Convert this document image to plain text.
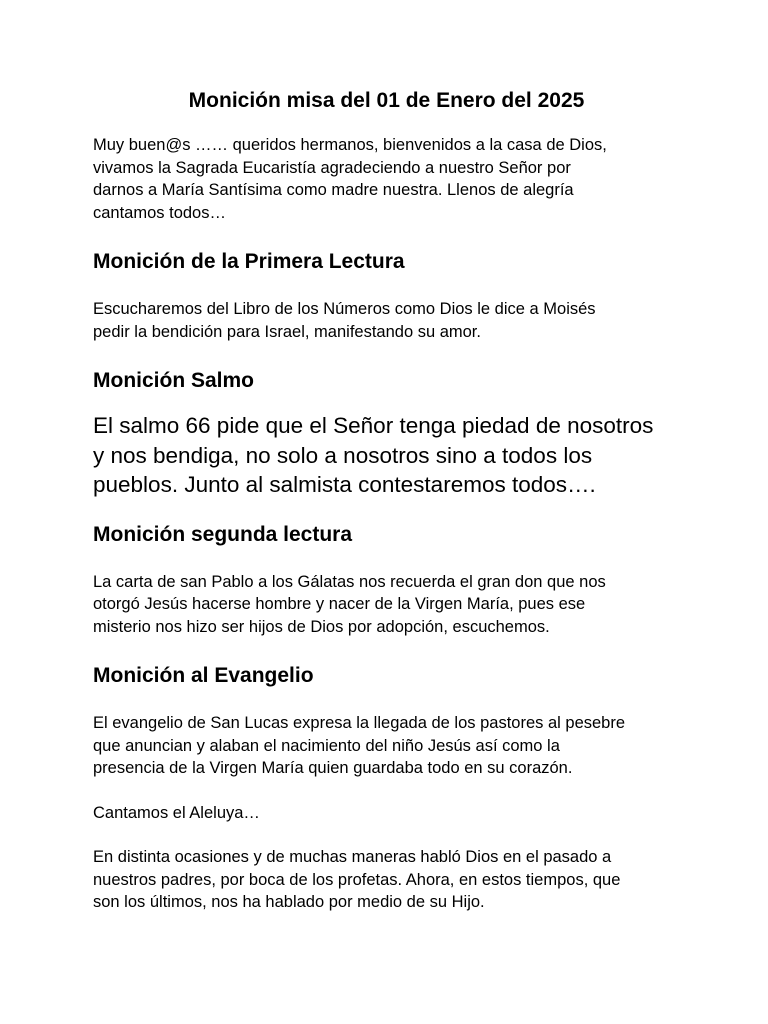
Monición misa del 01 de Enero del 2025

Muy buen@s …… queridos hermanos, bienvenidos a la casa de Dios,
vivamos la Sagrada Eucaristía agradeciendo a nuestro Señor por
darnos a María Santísima como madre nuestra. Llenos de alegría
cantamos todos…

Monición de la Primera Lectura

Escucharemos del Libro de los Números como Dios le dice a Moisés
pedir la bendición para Israel, manifestando su amor.

Monición Salmo

El salmo 66 pide que el Señor tenga piedad de nosotros
y nos bendiga, no solo a nosotros sino a todos los
pueblos. Junto al salmista contestaremos todos….

Monición segunda lectura

La carta de san Pablo a los Gálatas nos recuerda el gran don que nos
otorgó Jesús hacerse hombre y nacer de la Virgen María, pues ese
misterio nos hizo ser hijos de Dios por adopción, escuchemos.

Monición al Evangelio

El evangelio de San Lucas expresa la llegada de los pastores al pesebre
que anuncian y alaban el nacimiento del niño Jesús así como la
presencia de la Virgen María quien guardaba todo en su corazón.

Cantamos el Aleluya…

En distinta ocasiones y de muchas maneras habló Dios en el pasado a
nuestros padres, por boca de los profetas. Ahora, en estos tiempos, que
son los últimos, nos ha hablado por medio de su Hijo.
